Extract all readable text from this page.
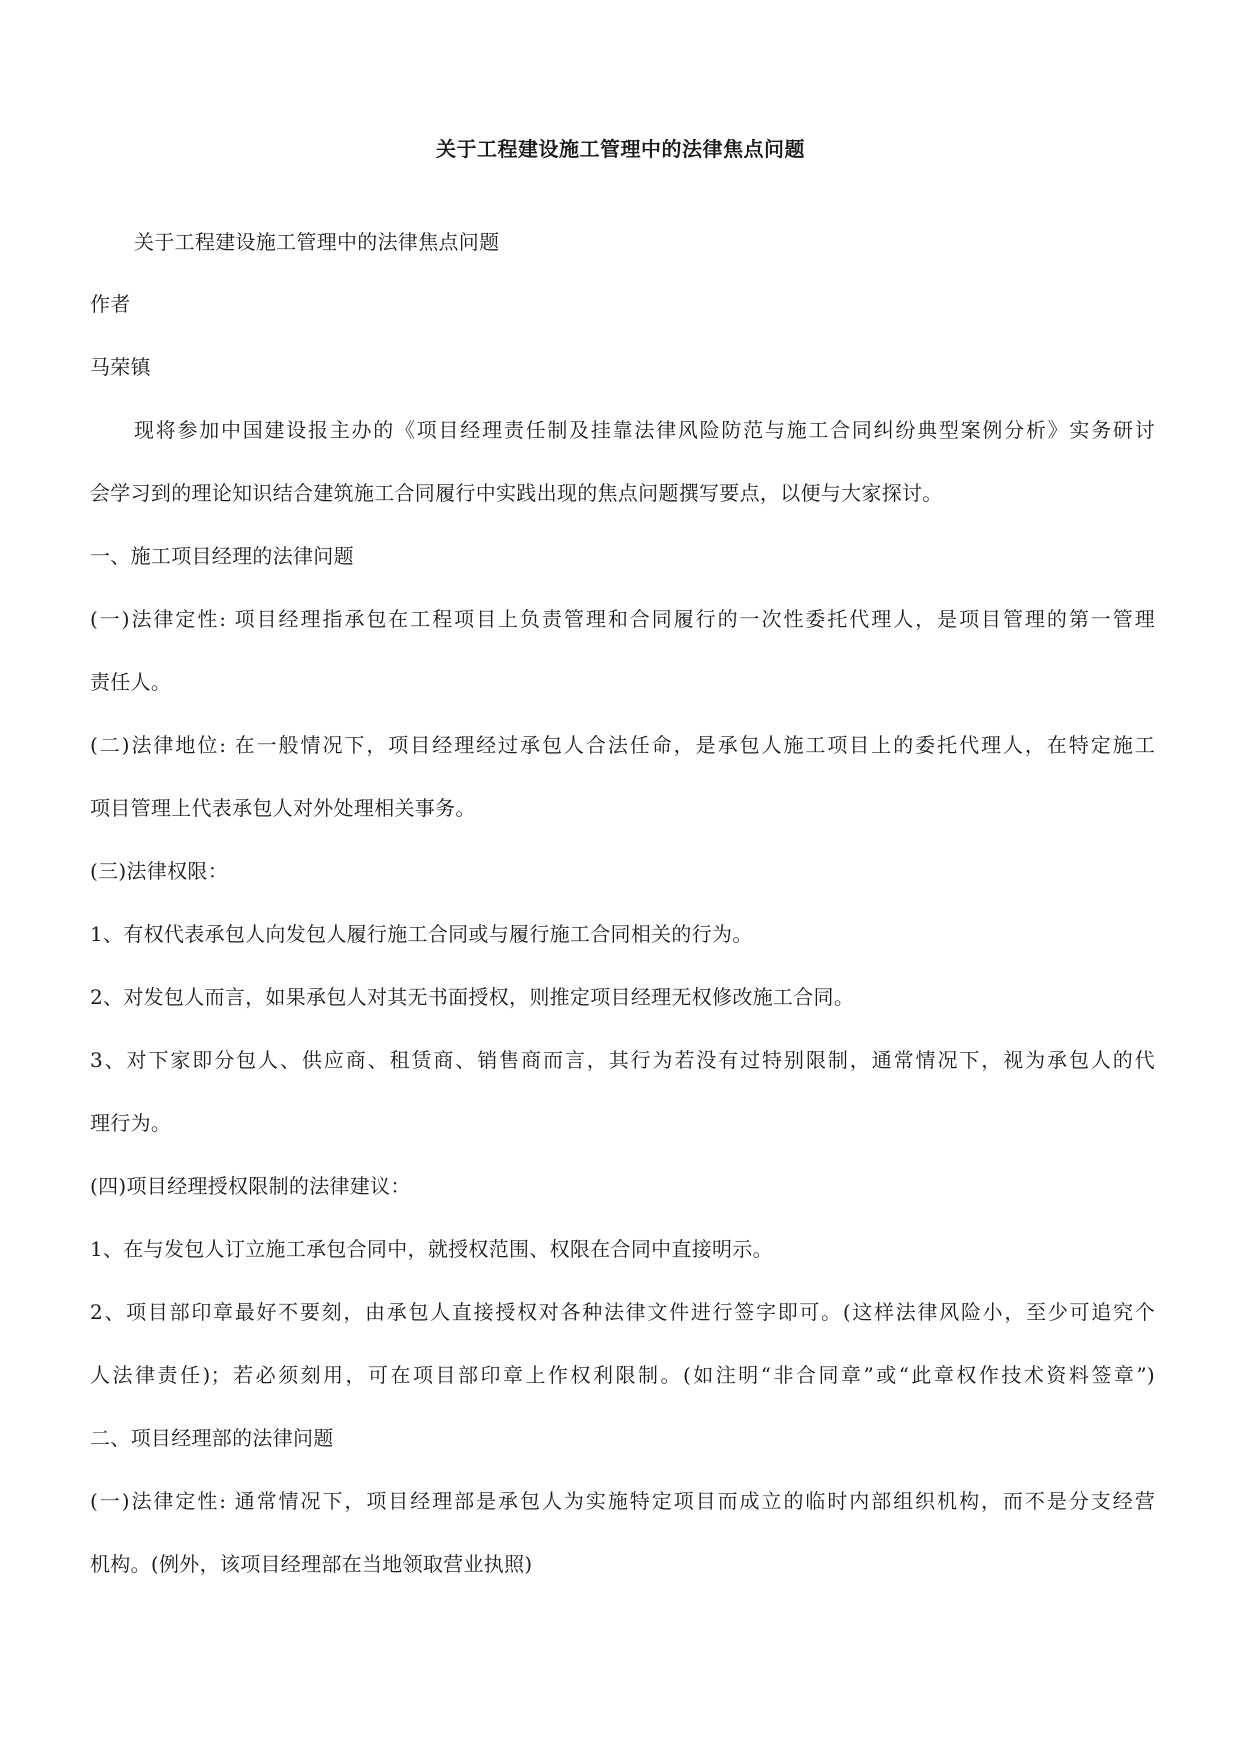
关于工程建设施工管理中的法律焦点问题
关于工程建设施工管理中的法律焦点问题
作者
马荣镇
现将参加中国建设报主办的《项目经理责任制及挂靠法律风险防范与施工合同纠纷典型案例分析》实务研讨
会学习到的理论知识结合建筑施工合同履行中实践出现的焦点问题撰写要点，以便与大家探讨。
一、施工项目经理的法律问题
(一)法律定性: 项目经理指承包在工程项目上负责管理和合同履行的一次性委托代理人，是项目管理的第一管理
责任人。
(二)法律地位: 在一般情况下，项目经理经过承包人合法任命，是承包人施工项目上的委托代理人，在特定施工
项目管理上代表承包人对外处理相关事务。
(三)法律权限：
1、有权代表承包人向发包人履行施工合同或与履行施工合同相关的行为。
2、对发包人而言，如果承包人对其无书面授权，则推定项目经理无权修改施工合同。
3、对下家即分包人、供应商、租赁商、销售商而言，其行为若没有过特别限制，通常情况下，视为承包人的代
理行为。
(四)项目经理授权限制的法律建议：
1、在与发包人订立施工承包合同中，就授权范围、权限在合同中直接明示。
2、项目部印章最好不要刻，由承包人直接授权对各种法律文件进行签字即可。(这样法律风险小，至少可追究个
人法律责任)；若必须刻用，可在项目部印章上作权利限制。(如注明“非合同章”或“此章权作技术资料签章”)
二、项目经理部的法律问题
(一)法律定性: 通常情况下，项目经理部是承包人为实施特定项目而成立的临时内部组织机构，而不是分支经营
机构。(例外，该项目经理部在当地领取营业执照)
